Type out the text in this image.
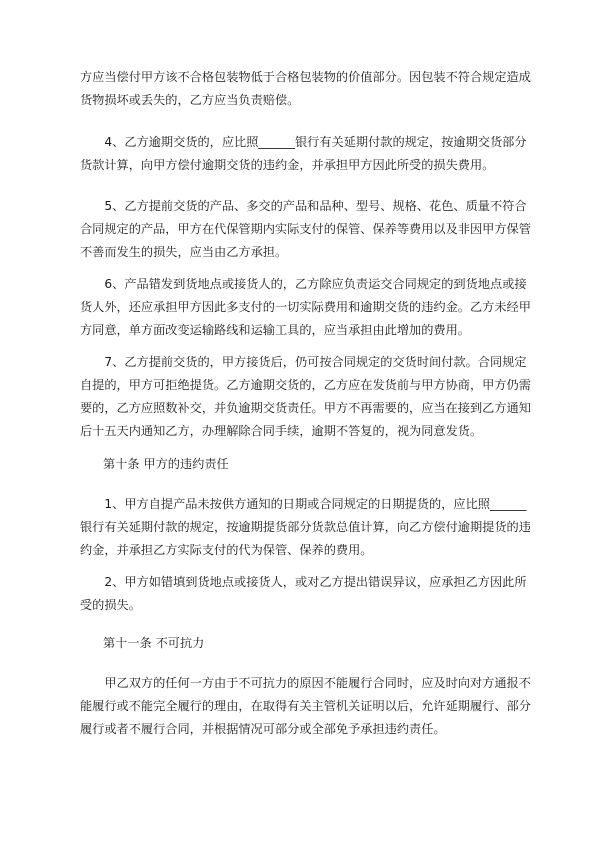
方应当偿付甲方该不合格包装物低于合格包装物的价值部分。因包装不符合规定造成
货物损坏或丢失的，乙方应当负责赔偿。
　　4、乙方逾期交货的，应比照______银行有关延期付款的规定，按逾期交货部分
货款计算，向甲方偿付逾期交货的违约金，并承担甲方因此所受的损失费用。
　　5、乙方提前交货的产品、多交的产品和品种、型号、规格、花色、质量不符合
合同规定的产品，甲方在代保管期内实际支付的保管、保养等费用以及非因甲方保管
不善而发生的损失，应当由乙方承担。
　　6、产品错发到货地点或接货人的，乙方除应负责运交合同规定的到货地点或接
货人外，还应承担甲方因此多支付的一切实际费用和逾期交货的违约金。乙方未经甲
方同意，单方面改变运输路线和运输工具的，应当承担由此增加的费用。
　　7、乙方提前交货的，甲方接货后，仍可按合同规定的交货时间付款。合同规定
自提的，甲方可拒绝提货。乙方逾期交货的，乙方应在发货前与甲方协商，甲方仍需
要的，乙方应照数补交，并负逾期交货责任。甲方不再需要的，应当在接到乙方通知
后十五天内通知乙方，办理解除合同手续，逾期不答复的，视为同意发货。
第十条 甲方的违约责任
　　1、甲方自提产品未按供方通知的日期或合同规定的日期提货的，应比照______
银行有关延期付款的规定，按逾期提货部分货款总值计算，向乙方偿付逾期提货的违
约金，并承担乙方实际支付的代为保管、保养的费用。
　　2、甲方如错填到货地点或接货人，或对乙方提出错误异议，应承担乙方因此所
受的损失。
第十一条 不可抗力
　　甲乙双方的任何一方由于不可抗力的原因不能履行合同时，应及时向对方通报不
能履行或不能完全履行的理由，在取得有关主管机关证明以后，允许延期履行、部分
履行或者不履行合同，并根据情况可部分或全部免予承担违约责任。
